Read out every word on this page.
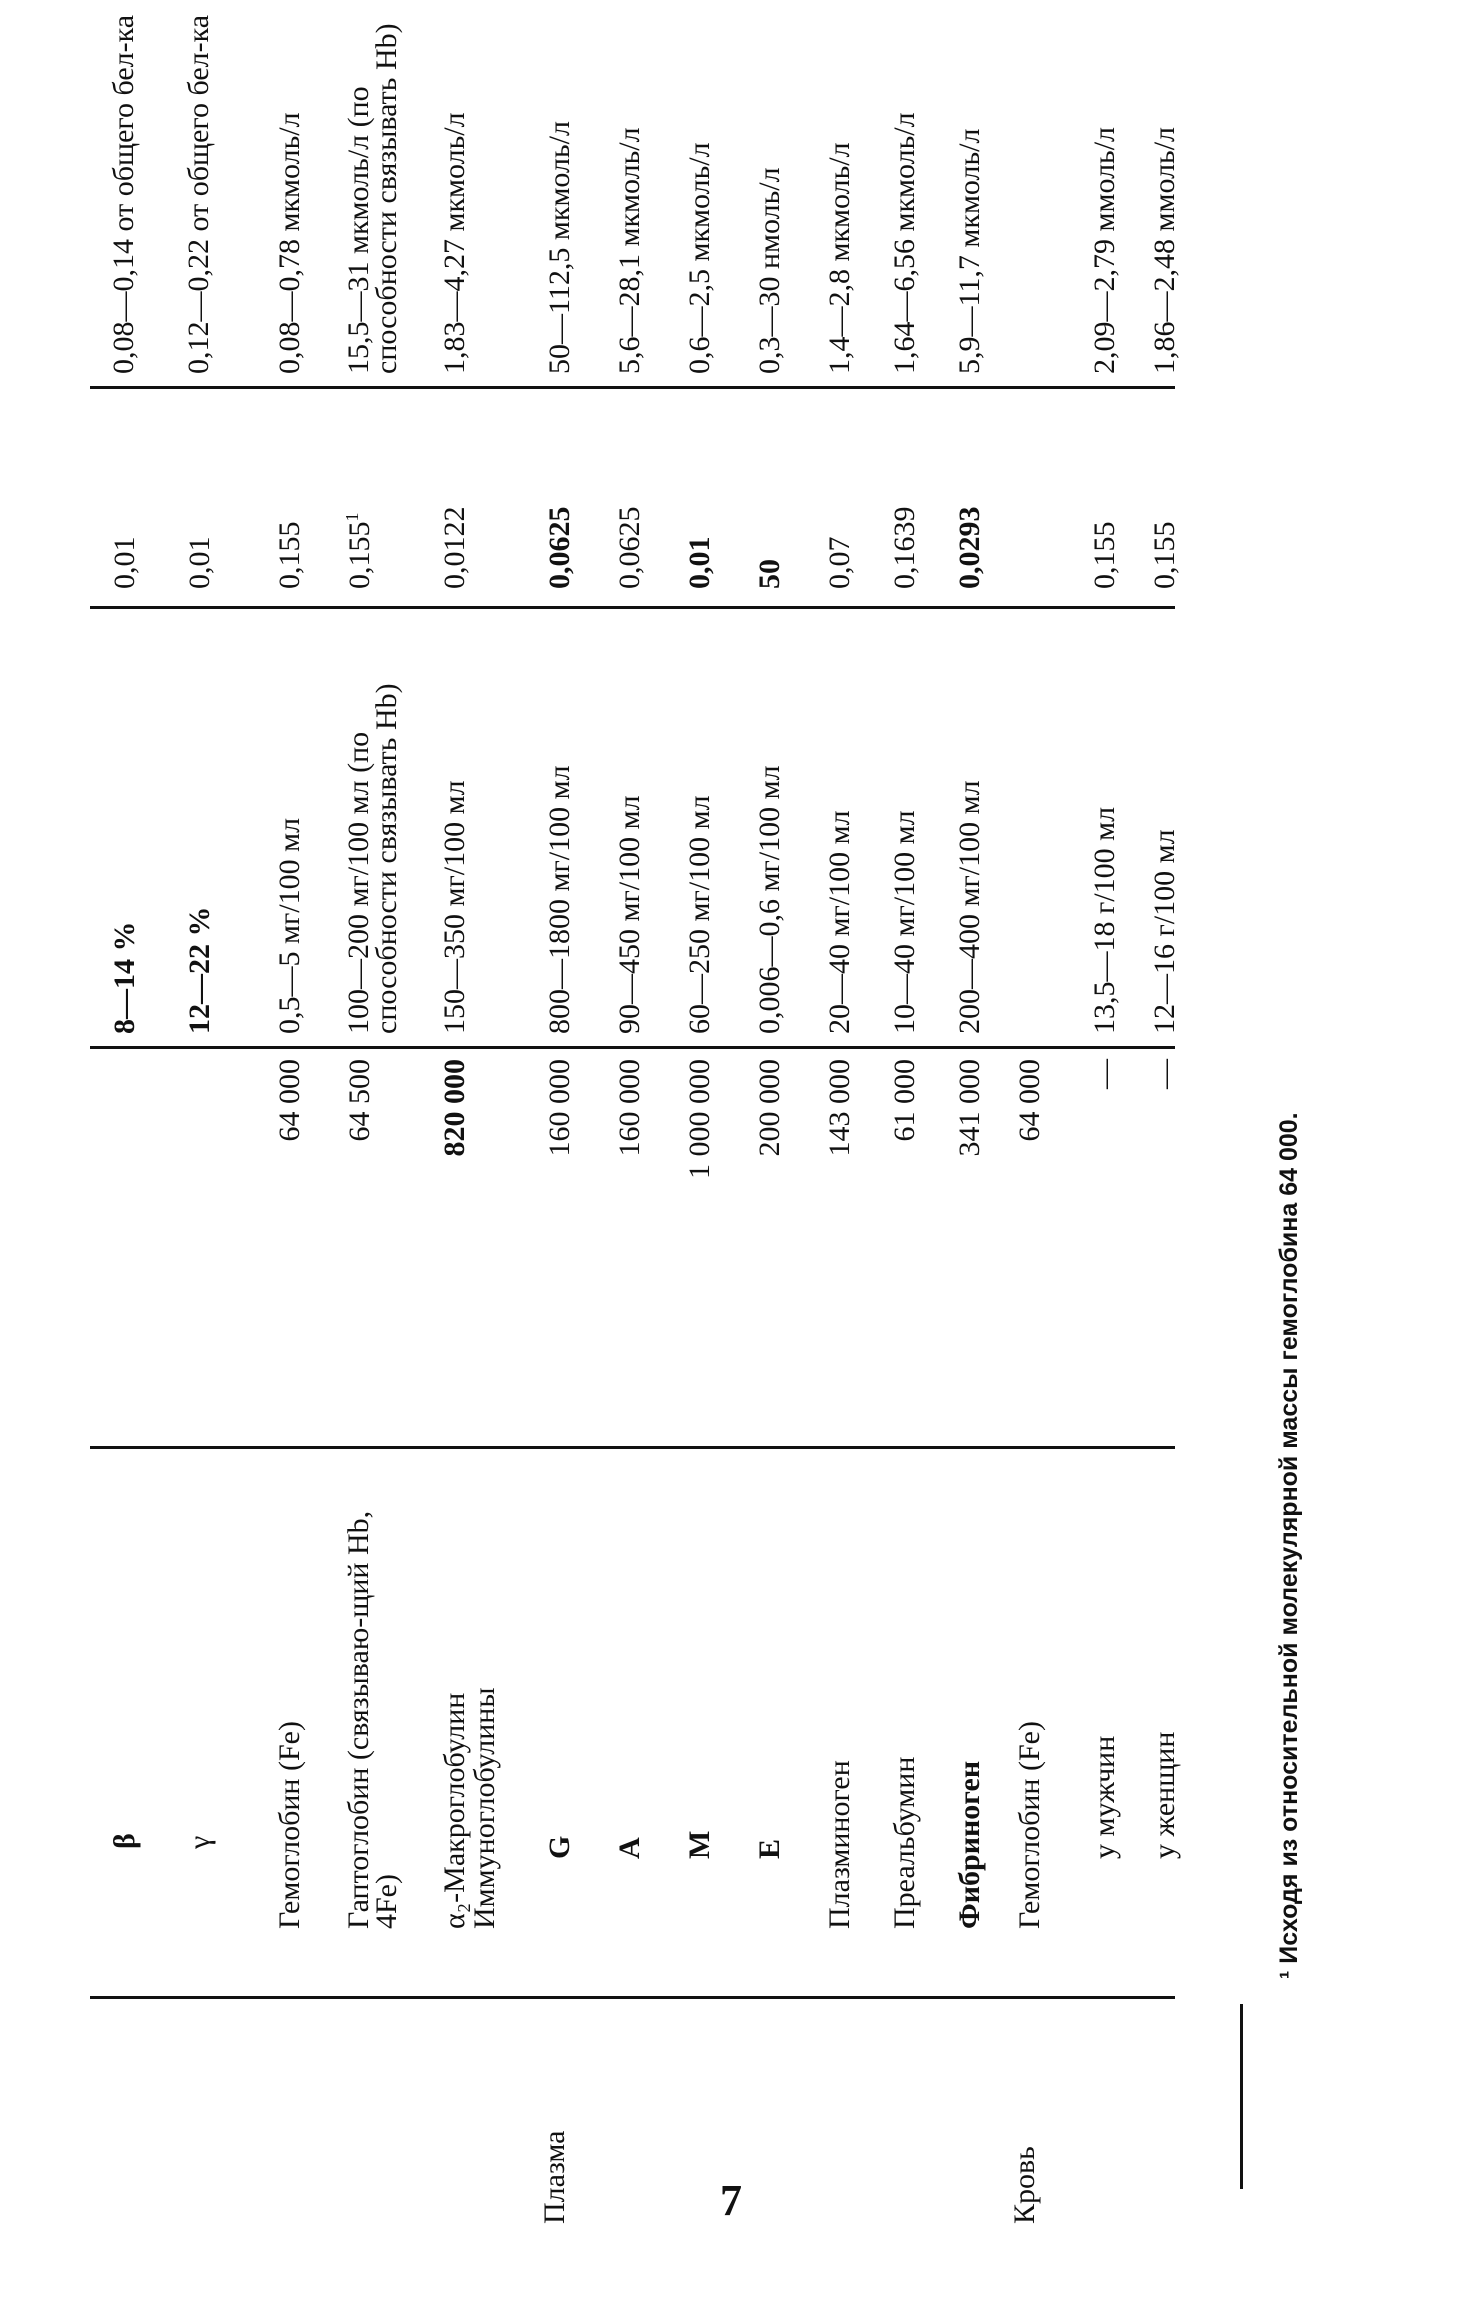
Плазма	Кровь
β
8—14 %
0,01
0,08—0,14 от общего бел-ка
γ
12—22 %
0,01
0,12—0,22 от общего бел-ка
Гемоглобин (Fe)
64 000
0,5—5 мг/100 мл
0,155
0,08—0,78 мкмоль/л
Гаптоглобин (связываю-щий Hb, 4Fe)
64 500
100—200 мг/100 мл (по способности связывать Hb)
0,155$^1$
15,5—31 мкмоль/л (по способности связывать Hb)
α₂-Макроглобулин
820 000
150—350 мг/100 мл
0,0122
1,83—4,27 мкмоль/л
Иммуноглобулины G
160 000
800—1800 мг/100 мл
0,0625
50—112,5 мкмоль/л
A
160 000
90—450 мг/100 мл
0,0625
5,6—28,1 мкмоль/л
M
1 000 000
60—250 мг/100 мл
0,01
0,6—2,5 мкмоль/л
E
200 000
0,006—0,6 мг/100 мл
50
0,3—30 нмоль/л
Плазминоген
143 000
20—40 мг/100 мл
0,07
1,4—2,8 мкмоль/л
Преальбумин
61 000
10—40 мг/100 мл
0,1639
1,64—6,56 мкмоль/л
Фибриноген
341 000
200—400 мг/100 мл
0,0293
5,9—11,7 мкмоль/л
Гемоглобин (Fe)
64 000
у мужчин
—
13,5—18 г/100 мл
0,155
2,09—2,79 ммоль/л
у женщин
—
12—16 г/100 мл
0,155
1,86—2,48 ммоль/л
¹ Исходя из относительной молекулярной массы гемоглобина 64 000.
7
